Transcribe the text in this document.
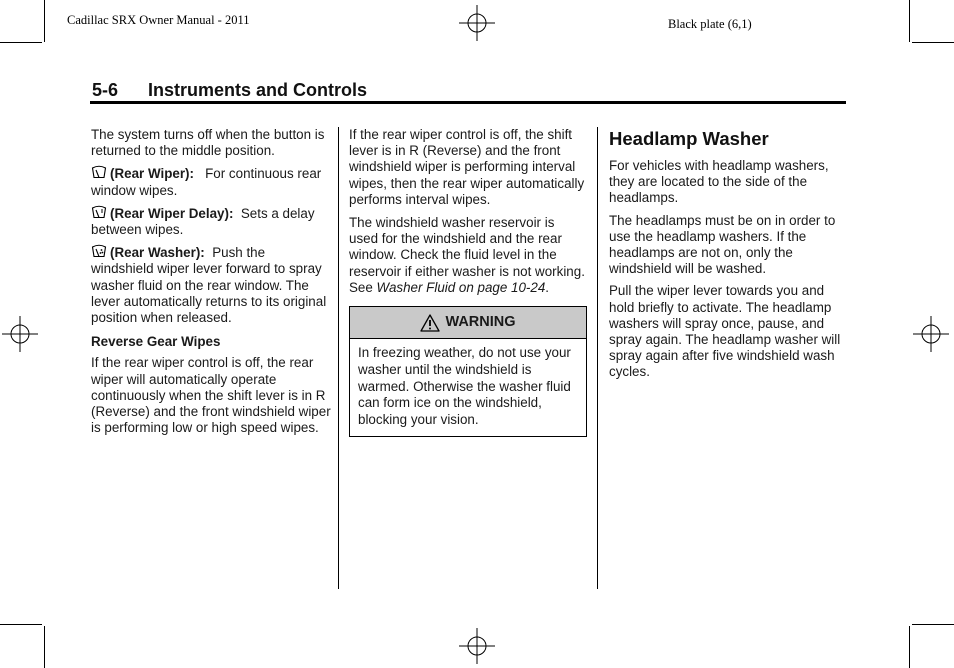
Cadillac SRX Owner Manual - 2011	Black plate (6,1)
5-6 Instruments and Controls

The system turns off when the button is returned to the middle position.

(Rear Wiper): For continuous rear window wipes.

(Rear Wiper Delay): Sets a delay between wipes.

(Rear Washer): Push the windshield wiper lever forward to spray washer fluid on the rear window. The lever automatically returns to its original position when released.

Reverse Gear Wipes

If the rear wiper control is off, the rear wiper will automatically operate continuously when the shift lever is in R (Reverse) and the front windshield wiper is performing low or high speed wipes.

If the rear wiper control is off, the shift lever is in R (Reverse) and the front windshield wiper is performing interval wipes, then the rear wiper automatically performs interval wipes.

The windshield washer reservoir is used for the windshield and the rear window. Check the fluid level in the reservoir if either washer is not working. See Washer Fluid on page 10-24.

WARNING
In freezing weather, do not use your washer until the windshield is warmed. Otherwise the washer fluid can form ice on the windshield, blocking your vision.
Headlamp Washer

For vehicles with headlamp washers, they are located to the side of the headlamps.

The headlamps must be on in order to use the headlamp washers. If the headlamps are not on, only the windshield will be washed.

Pull the wiper lever towards you and hold briefly to activate. The headlamp washers will spray once, pause, and spray again. The headlamp washer will spray again after five windshield wash cycles.
